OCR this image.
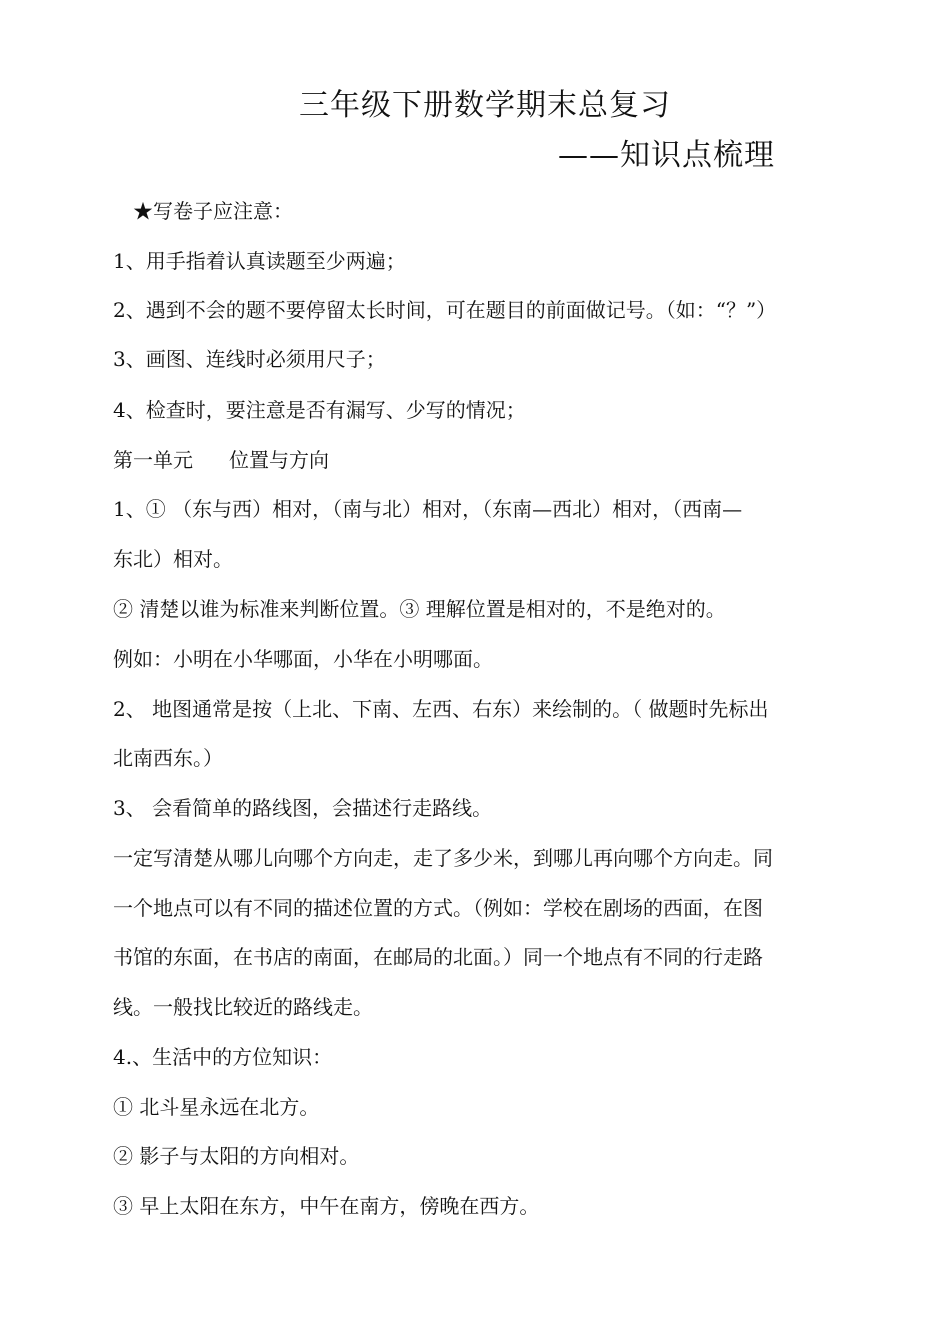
三年级下册数学期末总复习
——知识点梳理
★写卷子应注意：
1、用手指着认真读题至少两遍；
2、遇到不会的题不要停留太长时间，可在题目的前面做记号。（如：“？”）
3、画图、连线时必须用尺子；
4、检查时，要注意是否有漏写、少写的情况；
第一单元 位置与方向
1、① （东与西）相对，（南与北）相对，（东南—西北）相对，（西南—
东北）相对。
② 清楚以谁为标准来判断位置。③ 理解位置是相对的，不是绝对的。
例如：小明在小华哪面，小华在小明哪面。
2、 地图通常是按（上北、下南、左西、右东）来绘制的。（ 做题时先标出
北南西东。）
3、 会看简单的路线图，会描述行走路线。
一定写清楚从哪儿向哪个方向走，走了多少米，到哪儿再向哪个方向走。同
一个地点可以有不同的描述位置的方式。（例如：学校在剧场的西面，在图
书馆的东面，在书店的南面，在邮局的北面。）同一个地点有不同的行走路
线。一般找比较近的路线走。
4.、生活中的方位知识：
① 北斗星永远在北方。
② 影子与太阳的方向相对。
③ 早上太阳在东方，中午在南方，傍晚在西方。
